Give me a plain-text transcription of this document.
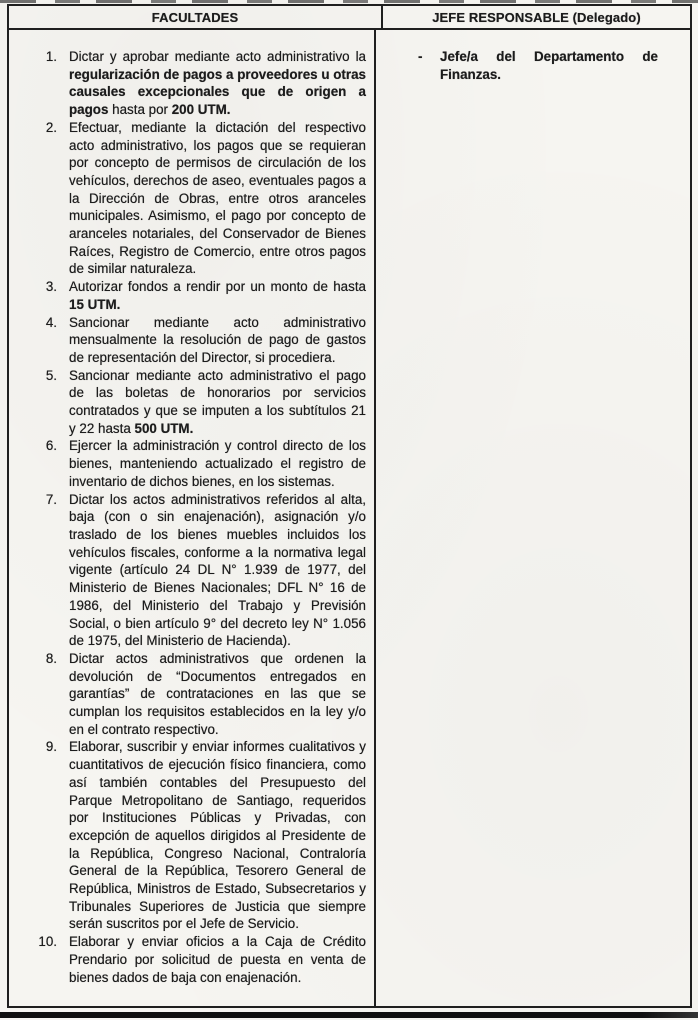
FACULTADES	JEFE RESPONSABLE (Delegado)
1. Dictar y aprobar mediante acto administrativo la regularización de pagos a proveedores u otras causales excepcionales que de origen a pagos hasta por 200 UTM.
2. Efectuar, mediante la dictación del respectivo acto administrativo, los pagos que se requieran por concepto de permisos de circulación de los vehículos, derechos de aseo, eventuales pagos a la Dirección de Obras, entre otros aranceles municipales. Asimismo, el pago por concepto de aranceles notariales, del Conservador de Bienes Raíces, Registro de Comercio, entre otros pagos de similar naturaleza.
3. Autorizar fondos a rendir por un monto de hasta 15 UTM.
4. Sancionar mediante acto administrativo mensualmente la resolución de pago de gastos de representación del Director, si procediera.
5. Sancionar mediante acto administrativo el pago de las boletas de honorarios por servicios contratados y que se imputen a los subtítulos 21 y 22 hasta 500 UTM.
6. Ejercer la administración y control directo de los bienes, manteniendo actualizado el registro de inventario de dichos bienes, en los sistemas.
7. Dictar los actos administrativos referidos al alta, baja (con o sin enajenación), asignación y/o traslado de los bienes muebles incluidos los vehículos fiscales, conforme a la normativa legal vigente (artículo 24 DL N° 1.939 de 1977, del Ministerio de Bienes Nacionales; DFL N° 16 de 1986, del Ministerio del Trabajo y Previsión Social, o bien artículo 9° del decreto ley N° 1.056 de 1975, del Ministerio de Hacienda).
8. Dictar actos administrativos que ordenen la devolución de “Documentos entregados en garantías” de contrataciones en las que se cumplan los requisitos establecidos en la ley y/o en el contrato respectivo.
9. Elaborar, suscribir y enviar informes cualitativos y cuantitativos de ejecución físico financiera, como así también contables del Presupuesto del Parque Metropolitano de Santiago, requeridos por Instituciones Públicas y Privadas, con excepción de aquellos dirigidos al Presidente de la República, Congreso Nacional, Contraloría General de la República, Tesorero General de República, Ministros de Estado, Subsecretarios y Tribunales Superiores de Justicia que siempre serán suscritos por el Jefe de Servicio.
10. Elaborar y enviar oficios a la Caja de Crédito Prendario por solicitud de puesta en venta de bienes dados de baja con enajenación.
-	Jefe/a del Departamento de Finanzas.
